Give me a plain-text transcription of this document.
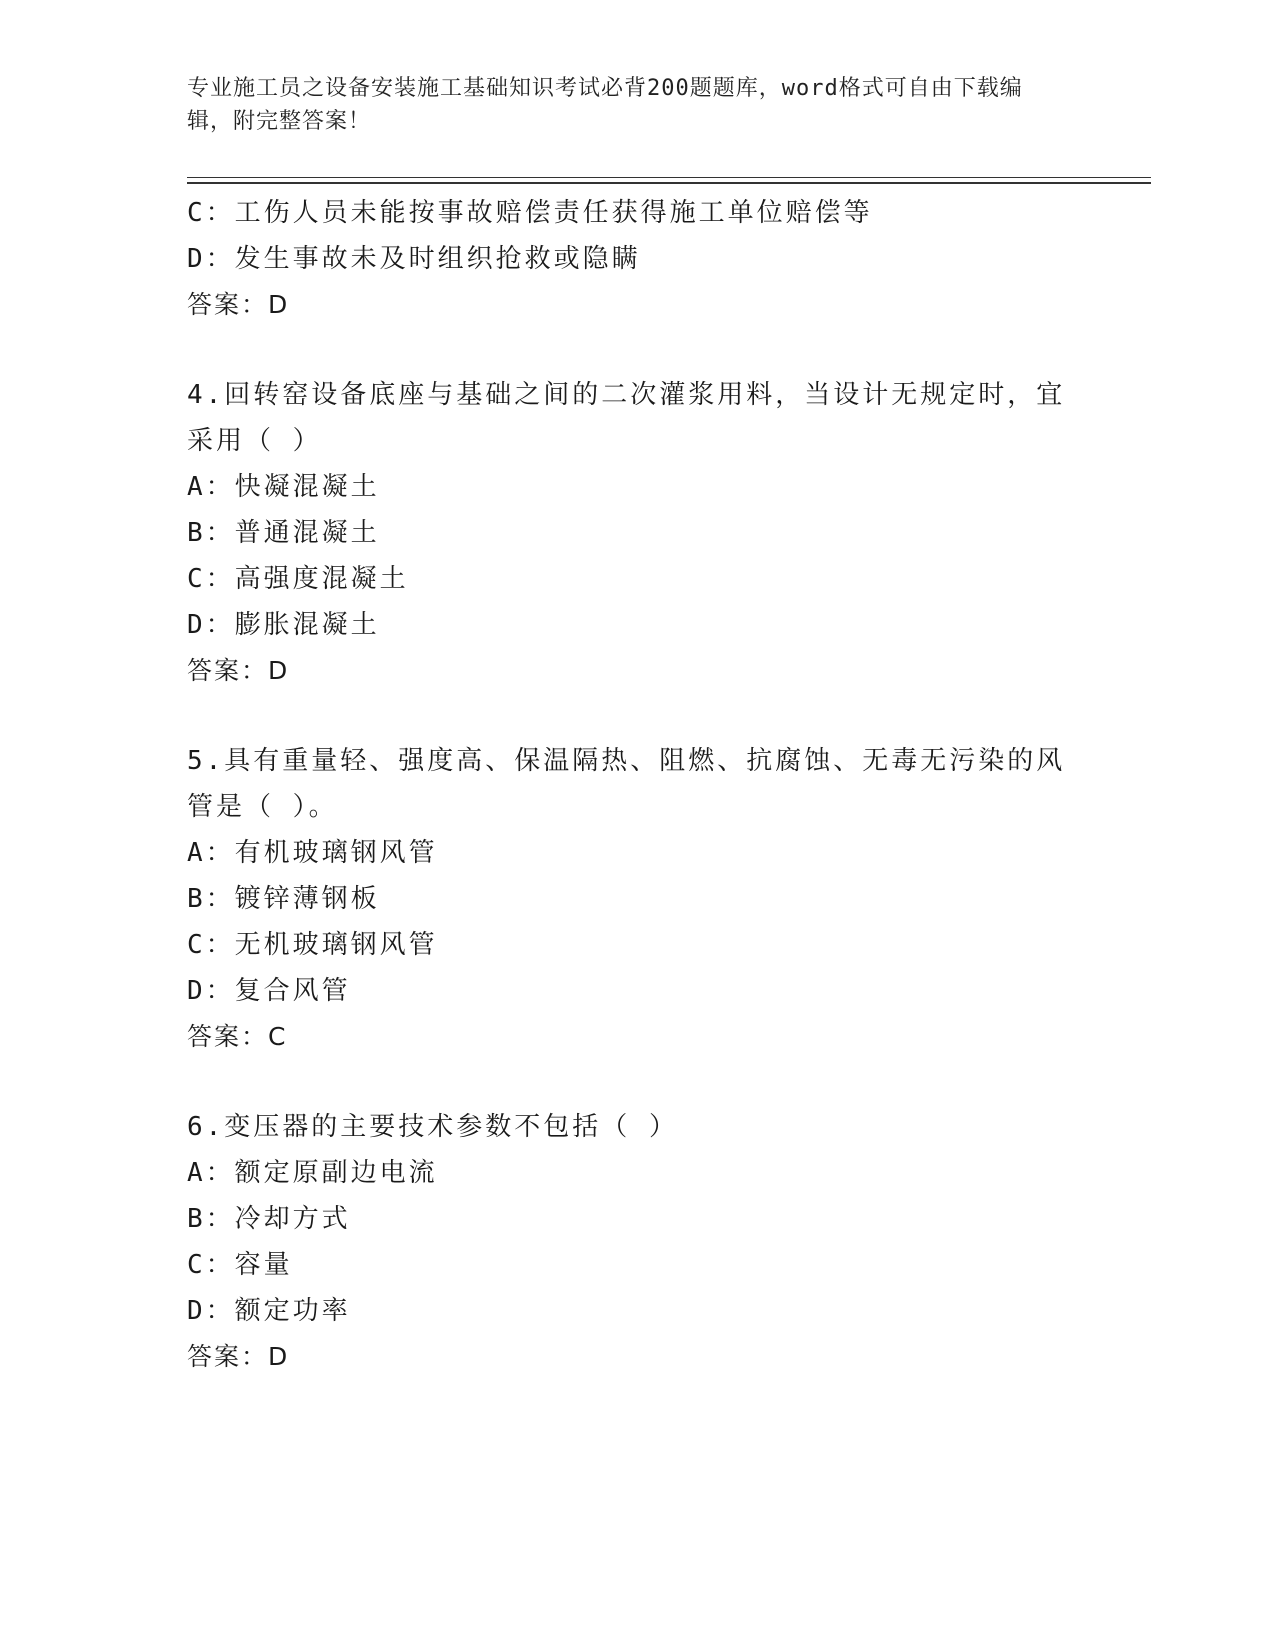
专业施工员之设备安装施工基础知识考试必背200题题库，word格式可自由下载编辑，附完整答案！
C：工伤人员未能按事故赔偿责任获得施工单位赔偿等
D：发生事故未及时组织抢救或隐瞒
答案：D
4.回转窑设备底座与基础之间的二次灌浆用料，当设计无规定时，宜
采用（ ）
A：快凝混凝土
B：普通混凝土
C：高强度混凝土
D：膨胀混凝土
答案：D
5.具有重量轻、强度高、保温隔热、阻燃、抗腐蚀、无毒无污染的风
管是（ ）。
A：有机玻璃钢风管
B：镀锌薄钢板
C：无机玻璃钢风管
D：复合风管
答案：C
6.变压器的主要技术参数不包括（ ）
A：额定原副边电流
B：冷却方式
C：容量
D：额定功率
答案：D
